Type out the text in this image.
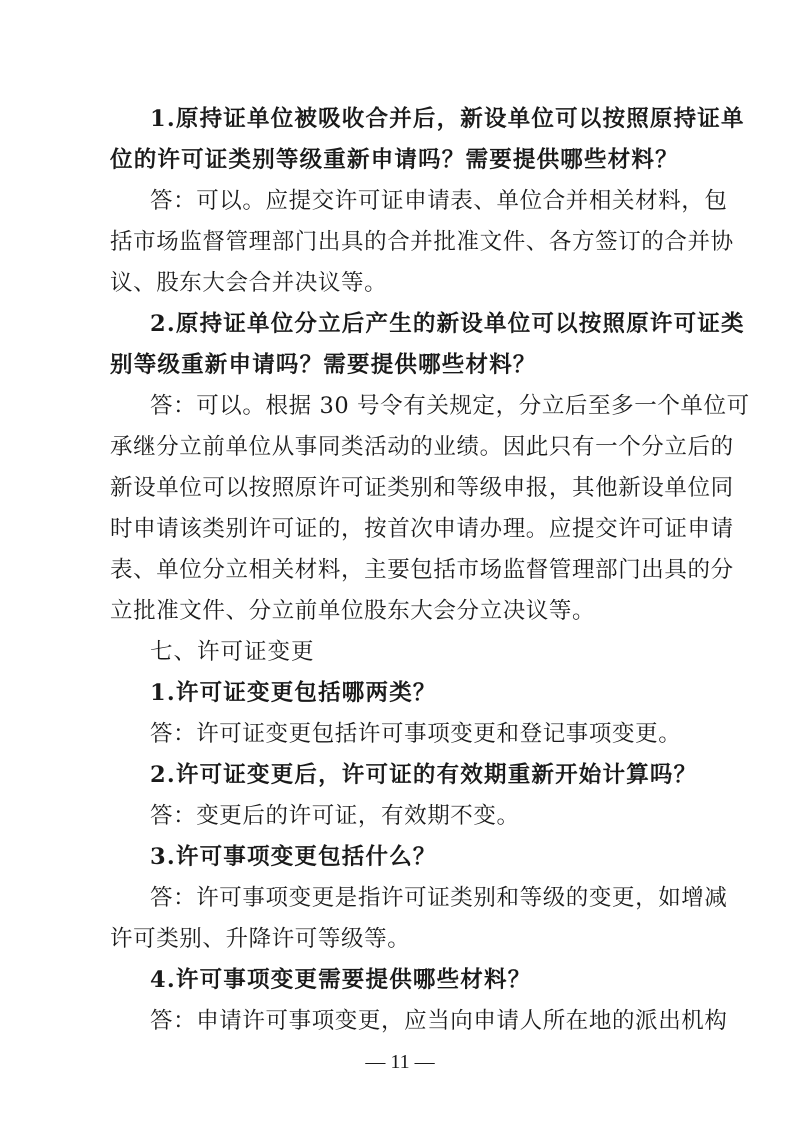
1.原持证单位被吸收合并后，新设单位可以按照原持证单
位的许可证类别等级重新申请吗？需要提供哪些材料？
答：可以。应提交许可证申请表、单位合并相关材料，包
括市场监督管理部门出具的合并批准文件、各方签订的合并协
议、股东大会合并决议等。
2.原持证单位分立后产生的新设单位可以按照原许可证类
别等级重新申请吗？需要提供哪些材料？
答：可以。根据 30 号令有关规定，分立后至多一个单位可
承继分立前单位从事同类活动的业绩。因此只有一个分立后的
新设单位可以按照原许可证类别和等级申报，其他新设单位同
时申请该类别许可证的，按首次申请办理。应提交许可证申请
表、单位分立相关材料，主要包括市场监督管理部门出具的分
立批准文件、分立前单位股东大会分立决议等。
七、许可证变更
1.许可证变更包括哪两类？
答：许可证变更包括许可事项变更和登记事项变更。
2.许可证变更后，许可证的有效期重新开始计算吗？
答：变更后的许可证，有效期不变。
3.许可事项变更包括什么？
答：许可事项变更是指许可证类别和等级的变更，如增减
许可类别、升降许可等级等。
4.许可事项变更需要提供哪些材料？
答：申请许可事项变更，应当向申请人所在地的派出机构
— 11 —
